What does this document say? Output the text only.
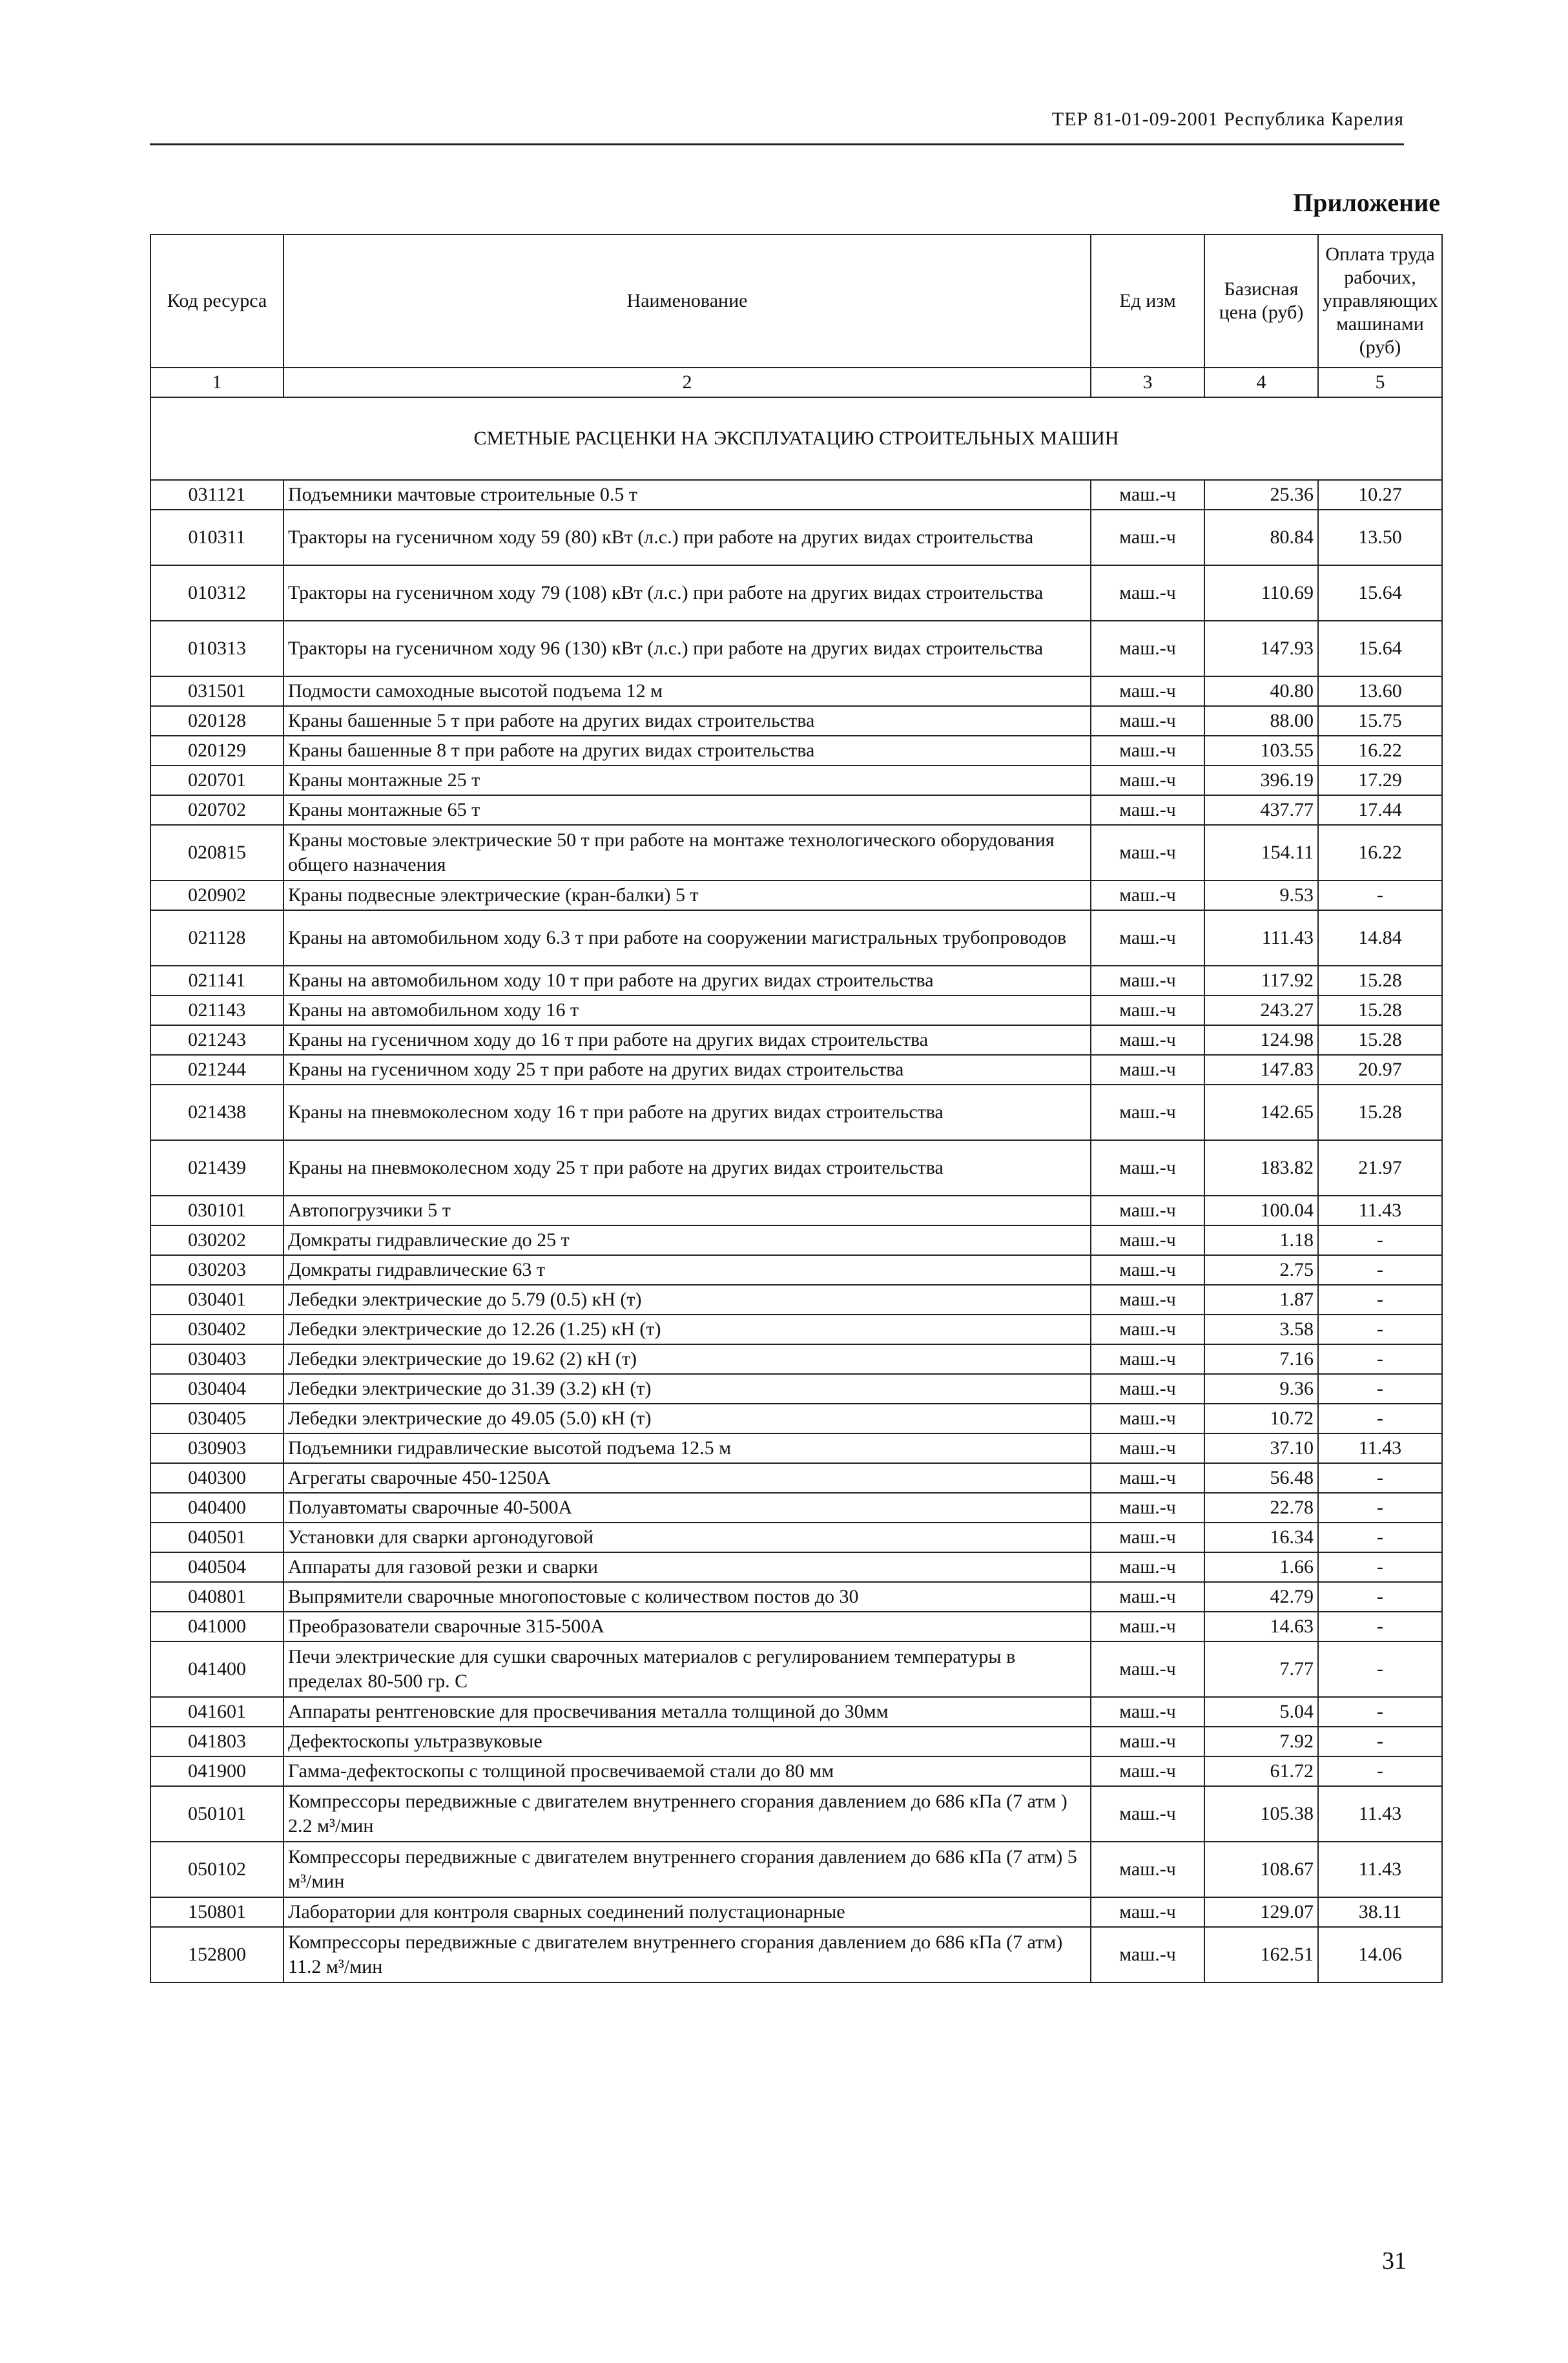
ТЕР 81-01-09-2001 Республика Карелия
Приложение
Код ресурса	Наименование	Ед изм	Базисная цена (руб)	Оплата труда рабочих, управляющих машинами (руб)
1	2	3	4	5
СМЕТНЫЕ РАСЦЕНКИ НА ЭКСПЛУАТАЦИЮ СТРОИТЕЛЬНЫХ МАШИН				
031121	Подъемники мачтовые строительные 0.5 т	маш.-ч	25.36	10.27
010311	Тракторы на гусеничном ходу 59 (80) кВт (л.с.) при работе на других видах строительства	маш.-ч	80.84	13.50
010312	Тракторы на гусеничном ходу 79 (108) кВт (л.с.) при работе на других видах строительства	маш.-ч	110.69	15.64
010313	Тракторы на гусеничном ходу 96 (130) кВт (л.с.) при работе на других видах строительства	маш.-ч	147.93	15.64
031501	Подмости самоходные высотой подъема 12 м	маш.-ч	40.80	13.60
020128	Краны башенные 5 т при работе на других видах строительства	маш.-ч	88.00	15.75
020129	Краны башенные 8 т при работе на других видах строительства	маш.-ч	103.55	16.22
020701	Краны монтажные 25 т	маш.-ч	396.19	17.29
020702	Краны монтажные 65 т	маш.-ч	437.77	17.44
020815	Краны мостовые электрические 50 т при работе на монтаже технологического оборудования общего назначения	маш.-ч	154.11	16.22
020902	Краны подвесные электрические (кран-балки) 5 т	маш.-ч	9.53	-
021128	Краны на автомобильном ходу 6.3 т при работе на сооружении магистральных трубопроводов	маш.-ч	111.43	14.84
021141	Краны на автомобильном ходу 10 т при работе на других видах строительства	маш.-ч	117.92	15.28
021143	Краны на автомобильном ходу 16 т	маш.-ч	243.27	15.28
021243	Краны на гусеничном ходу до 16 т при работе на других видах строительства	маш.-ч	124.98	15.28
021244	Краны на гусеничном ходу 25 т при работе на других видах строительства	маш.-ч	147.83	20.97
021438	Краны на пневмоколесном ходу 16 т при работе на других видах строительства	маш.-ч	142.65	15.28
021439	Краны на пневмоколесном ходу 25 т при работе на других видах строительства	маш.-ч	183.82	21.97
030101	Автопогрузчики 5 т	маш.-ч	100.04	11.43
030202	Домкраты гидравлические до 25 т	маш.-ч	1.18	-
030203	Домкраты гидравлические 63 т	маш.-ч	2.75	-
030401	Лебедки электрические до 5.79 (0.5) кН (т)	маш.-ч	1.87	-
030402	Лебедки электрические до 12.26 (1.25) кН (т)	маш.-ч	3.58	-
030403	Лебедки электрические до 19.62 (2) кН (т)	маш.-ч	7.16	-
030404	Лебедки электрические до 31.39 (3.2) кН (т)	маш.-ч	9.36	-
030405	Лебедки электрические до 49.05 (5.0) кН (т)	маш.-ч	10.72	-
030903	Подъемники гидравлические высотой подъема 12.5 м	маш.-ч	37.10	11.43
040300	Агрегаты сварочные 450-1250А	маш.-ч	56.48	-
040400	Полуавтоматы сварочные 40-500А	маш.-ч	22.78	-
040501	Установки для сварки аргонодуговой	маш.-ч	16.34	-
040504	Аппараты для газовой резки и сварки	маш.-ч	1.66	-
040801	Выпрямители сварочные многопостовые с количеством постов до 30	маш.-ч	42.79	-
041000	Преобразователи сварочные 315-500А	маш.-ч	14.63	-
041400	Печи электрические для сушки сварочных материалов с регулированием температуры в пределах 80-500 гр. С	маш.-ч	7.77	-
041601	Аппараты рентгеновские для просвечивания металла толщиной до 30мм	маш.-ч	5.04	-
041803	Дефектоскопы ультразвуковые	маш.-ч	7.92	-
041900	Гамма-дефектоскопы с толщиной просвечиваемой стали до 80 мм	маш.-ч	61.72	-
050101	Компрессоры передвижные с двигателем внутреннего сгорания давлением до 686 кПа (7 атм ) 2.2 м³/мин	маш.-ч	105.38	11.43
050102	Компрессоры передвижные с двигателем внутреннего сгорания давлением до 686 кПа (7 атм) 5 м³/мин	маш.-ч	108.67	11.43
150801	Лаборатории для контроля сварных соединений полустационарные	маш.-ч	129.07	38.11
152800	Компрессоры передвижные с двигателем внутреннего сгорания давлением до 686 кПа (7 атм) 11.2 м³/мин	маш.-ч	162.51	14.06
31
